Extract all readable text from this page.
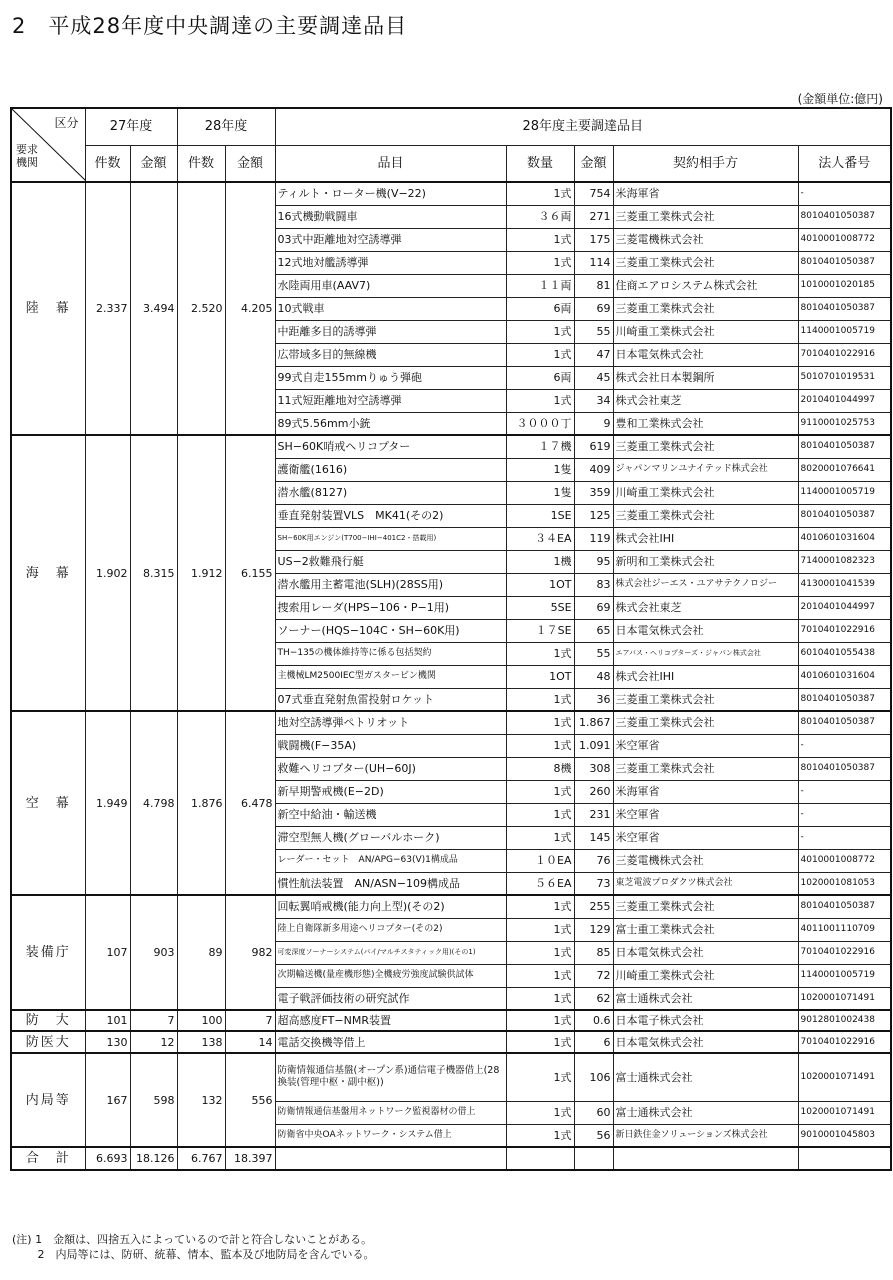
2　平成28年度中央調達の主要調達品目
(金額単位:億円)
区分
要求
機関	27年度		28年度		28年度主要調達品目				
	件数	金額	件数	金額	品目	数量	金額	契約相手方	法人番号
陸　幕	2.337	3.494	2.520	4.205	ティルト・ローター機(V−22)	1式	754	米海軍省	-
					16式機動戦闘車	３６両	271	三菱重工業株式会社	8010401050387
					03式中距離地対空誘導弾	1式	175	三菱電機株式会社	4010001008772
					12式地対艦誘導弾	1式	114	三菱重工業株式会社	8010401050387
					水陸両用車(AAV7)	１１両	81	住商エアロシステム株式会社	1010001020185
					10式戦車	6両	69	三菱重工業株式会社	8010401050387
					中距離多目的誘導弾	1式	55	川崎重工業株式会社	1140001005719
					広帯域多目的無線機	1式	47	日本電気株式会社	7010401022916
					99式自走155mmりゅう弾砲	6両	45	株式会社日本製鋼所	5010701019531
					11式短距離地対空誘導弾	1式	34	株式会社東芝	2010401044997
					89式5.56mm小銃	３０００丁	9	豊和工業株式会社	9110001025753
海　幕	1.902	8.315	1.912	6.155	SH−60K哨戒ヘリコプター	１７機	619	三菱重工業株式会社	8010401050387
					護衛艦(1616)	1隻	409	ジャパンマリンユナイテッド株式会社	8020001076641
					潜水艦(8127)	1隻	359	川崎重工業株式会社	1140001005719
					垂直発射装置VLS　MK41(その2)	1SE	125	三菱重工業株式会社	8010401050387
					SH−60K用エンジン(T700−IHI−401C2・搭載用)	３４EA	119	株式会社IHI	4010601031604
					US−2救難飛行艇	1機	95	新明和工業株式会社	7140001082323
					潜水艦用主蓄電池(SLH)(28SS用)	1OT	83	株式会社ジーエス・ユアサテクノロジー	4130001041539
					捜索用レーダ(HPS−106・P−1用)	5SE	69	株式会社東芝	2010401044997
					ソーナー(HQS−104C・SH−60K用)	１７SE	65	日本電気株式会社	7010401022916
					TH−135の機体維持等に係る包括契約	1式	55	エアバス・ヘリコプターズ・ジャパン株式会社	6010401055438
					主機械LM2500IEC型ガスタービン機関	1OT	48	株式会社IHI	4010601031604
					07式垂直発射魚雷投射ロケット	1式	36	三菱重工業株式会社	8010401050387
空　幕	1.949	4.798	1.876	6.478	地対空誘導弾ペトリオット	1式	1.867	三菱重工業株式会社	8010401050387
					戦闘機(F−35A)	1式	1.091	米空軍省	-
					救難ヘリコプター(UH−60J)	8機	308	三菱重工業株式会社	8010401050387
					新早期警戒機(E−2D)	1式	260	米海軍省	-
					新空中給油・輸送機	1式	231	米空軍省	-
					滞空型無人機(グローバルホーク)	1式	145	米空軍省	-
					レーダー・セット　AN/APG−63(V)1構成品	１０EA	76	三菱電機株式会社	4010001008772
					慣性航法装置　AN/ASN−109構成品	５６EA	73	東芝電波プロダクツ株式会社	1020001081053
装備庁	107	903	89	982	回転翼哨戒機(能力向上型)(その2)	1式	255	三菱重工業株式会社	8010401050387
					陸上自衛隊新多用途ヘリコプター(その2)	1式	129	富士重工業株式会社	4011001110709
					可変深度ソーナーシステム(バイ/マルチスタティック用)(その1)	1式	85	日本電気株式会社	7010401022916
					次期輸送機(量産機形態)全機疲労強度試験供試体	1式	72	川崎重工業株式会社	1140001005719
					電子戦評価技術の研究試作	1式	62	富士通株式会社	1020001071491
防　大	101	7	100	7	超高感度FT−NMR装置	1式	0.6	日本電子株式会社	9012801002438
防医大	130	12	138	14	電話交換機等借上	1式	6	日本電気株式会社	7010401022916
内局等	167	598	132	556	防衛情報通信基盤(オープン系)通信電子機器借上(28換装(管理中枢・副中枢))	1式	106	富士通株式会社	1020001071491
					防衛情報通信基盤用ネットワーク監視器材の借上	1式	60	富士通株式会社	1020001071491
					防衛省中央OAネットワーク・システム借上	1式	56	新日鉄住金ソリューションズ株式会社	9010001045803
合　計	6.693	18.126	6.767	18.397					
(注) 1　金額は、四捨五入によっているので計と符合しないことがある。
　　 2　内局等には、防研、統幕、情本、監本及び地防局を含んでいる。
